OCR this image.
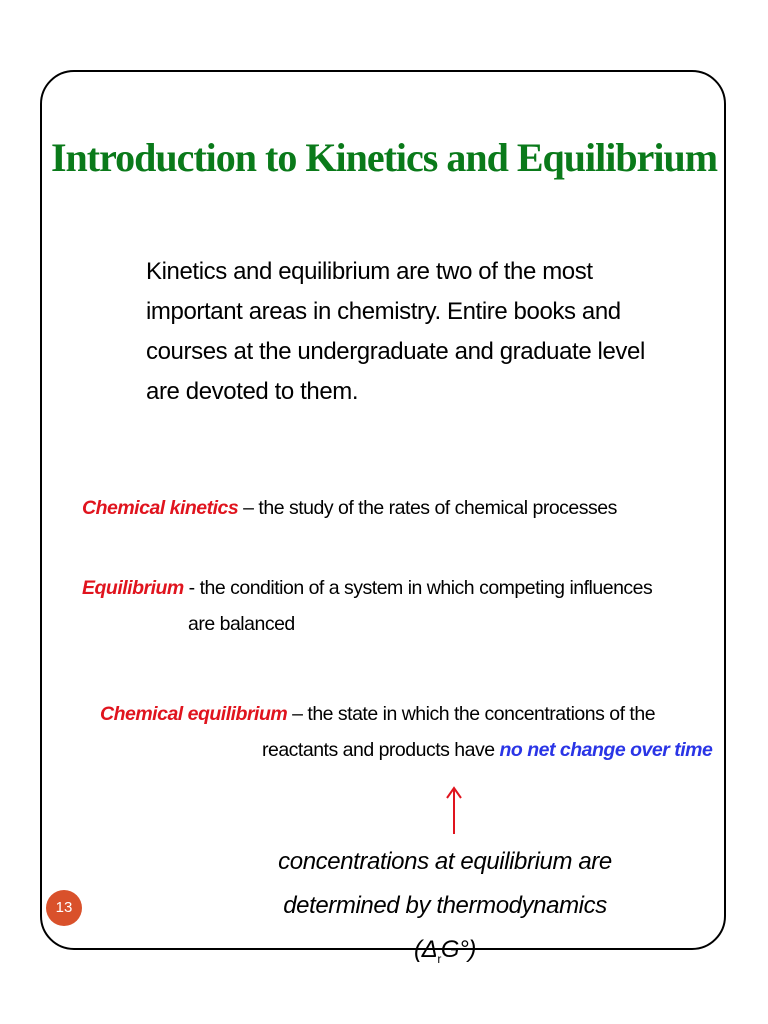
Introduction to Kinetics and Equilibrium

Kinetics and equilibrium are two of the most important areas in chemistry. Entire books and courses at the undergraduate and graduate level are devoted to them.

Chemical kinetics – the study of the rates of chemical processes

Equilibrium - the condition of a system in which competing influences
are balanced

Chemical equilibrium – the state in which the concentrations of the
reactants and products have no net change over time

concentrations at equilibrium are
determined by thermodynamics $(\Delta_rG^\circ)$

13
